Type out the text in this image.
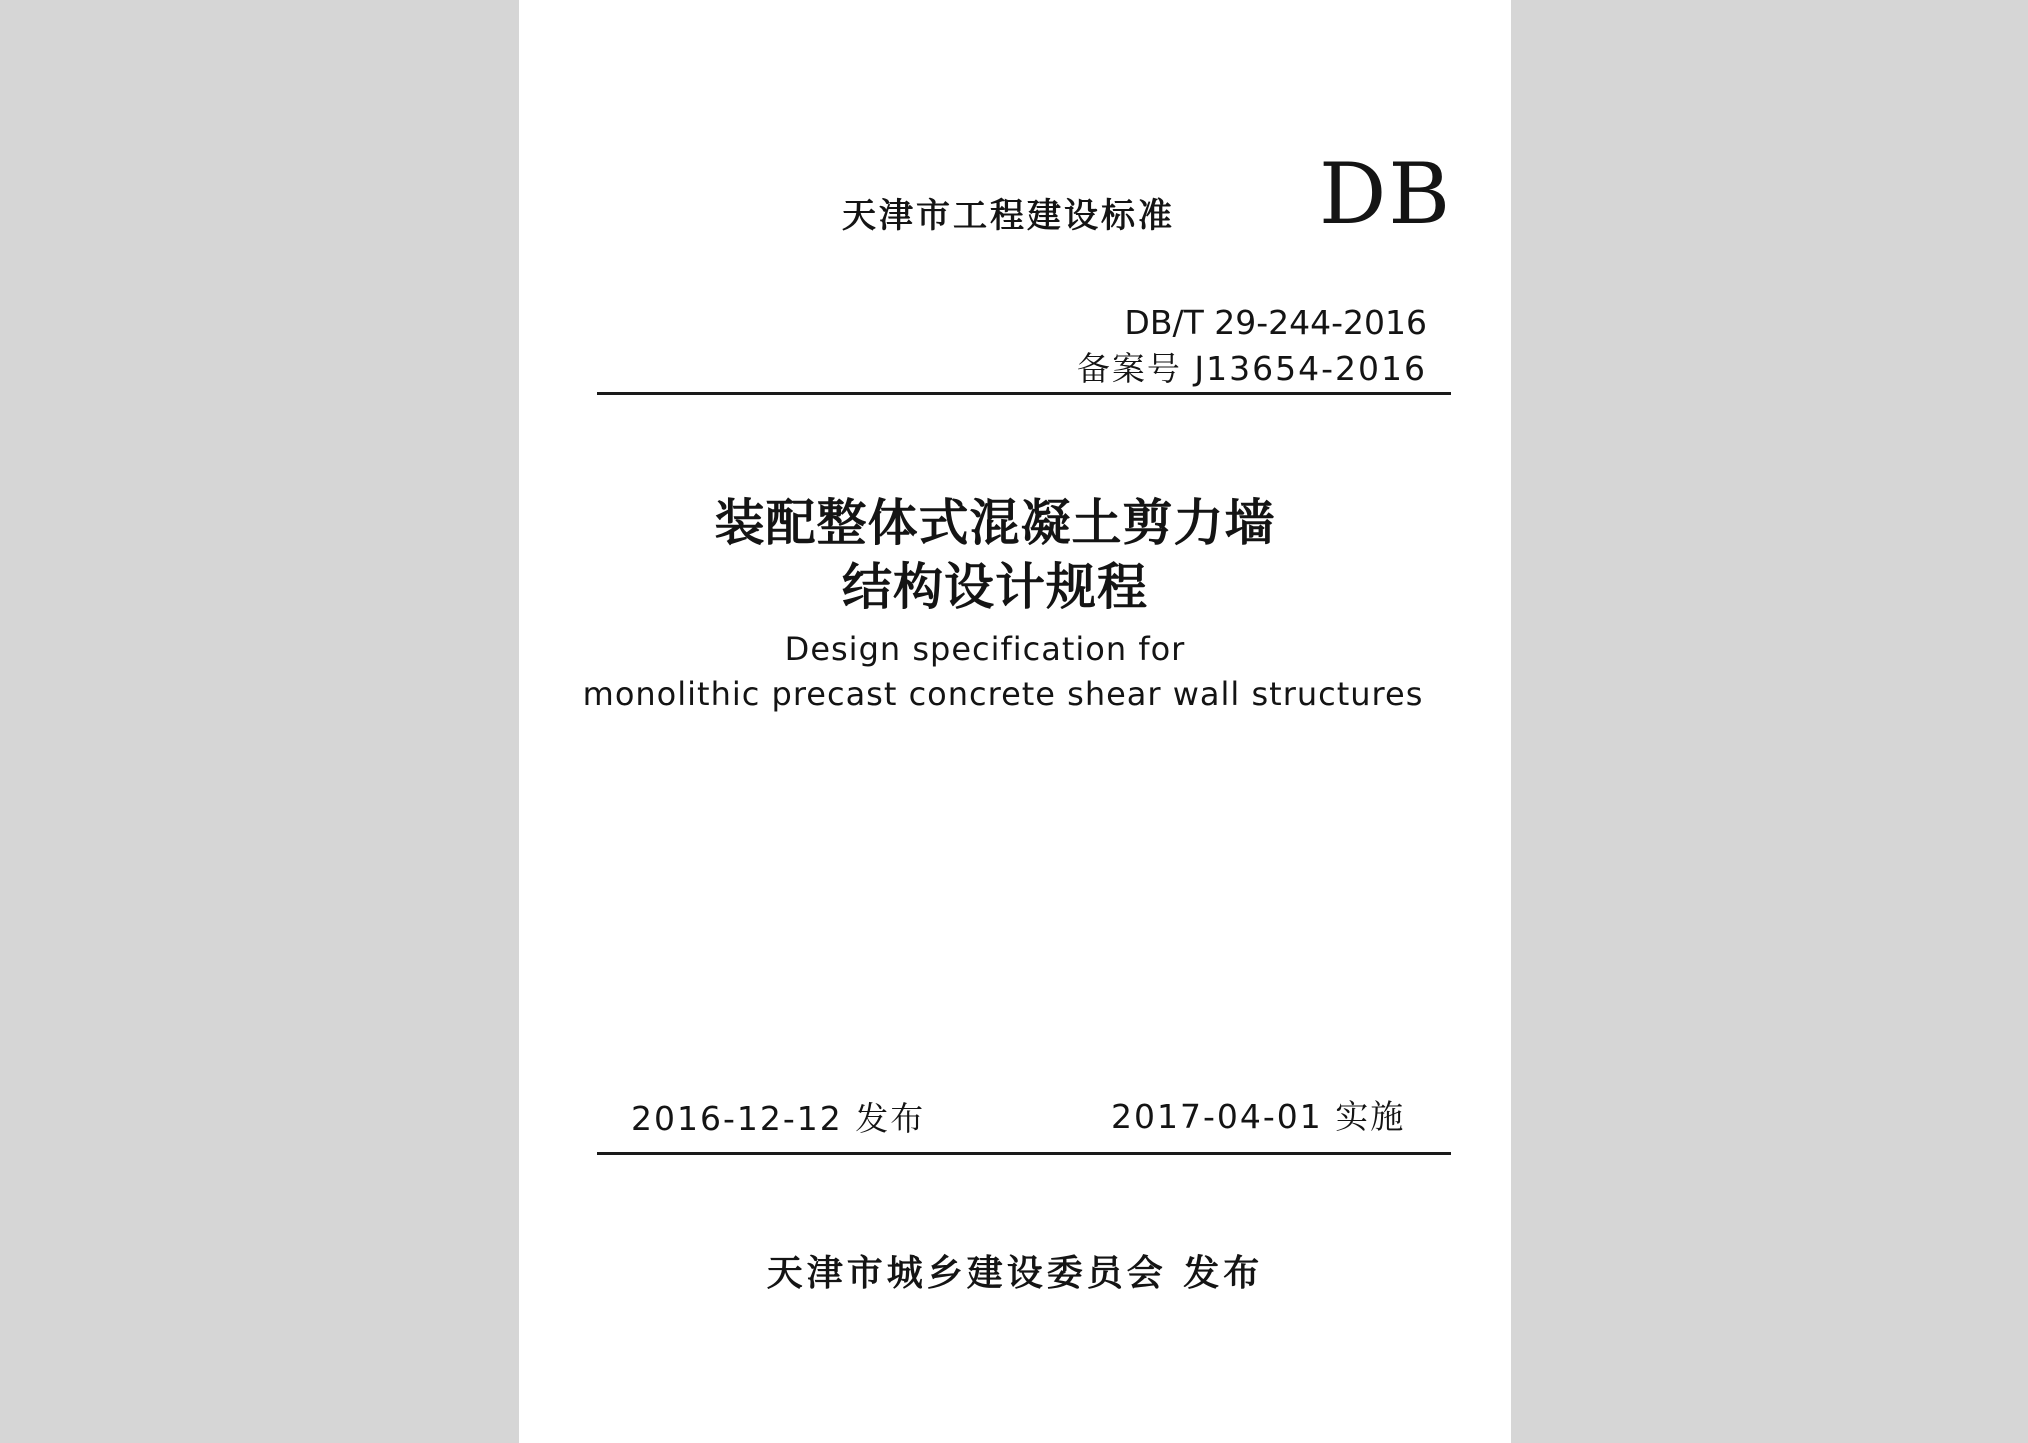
天津市工程建设标准 DB
DB/T 29-244-2016
备案号 J13654-2016
装配整体式混凝土剪力墙
结构设计规程
Design specification for
monolithic precast concrete shear wall structures
2016-12-12 发布	2017-04-01 实施
天津市城乡建设委员会 发布
